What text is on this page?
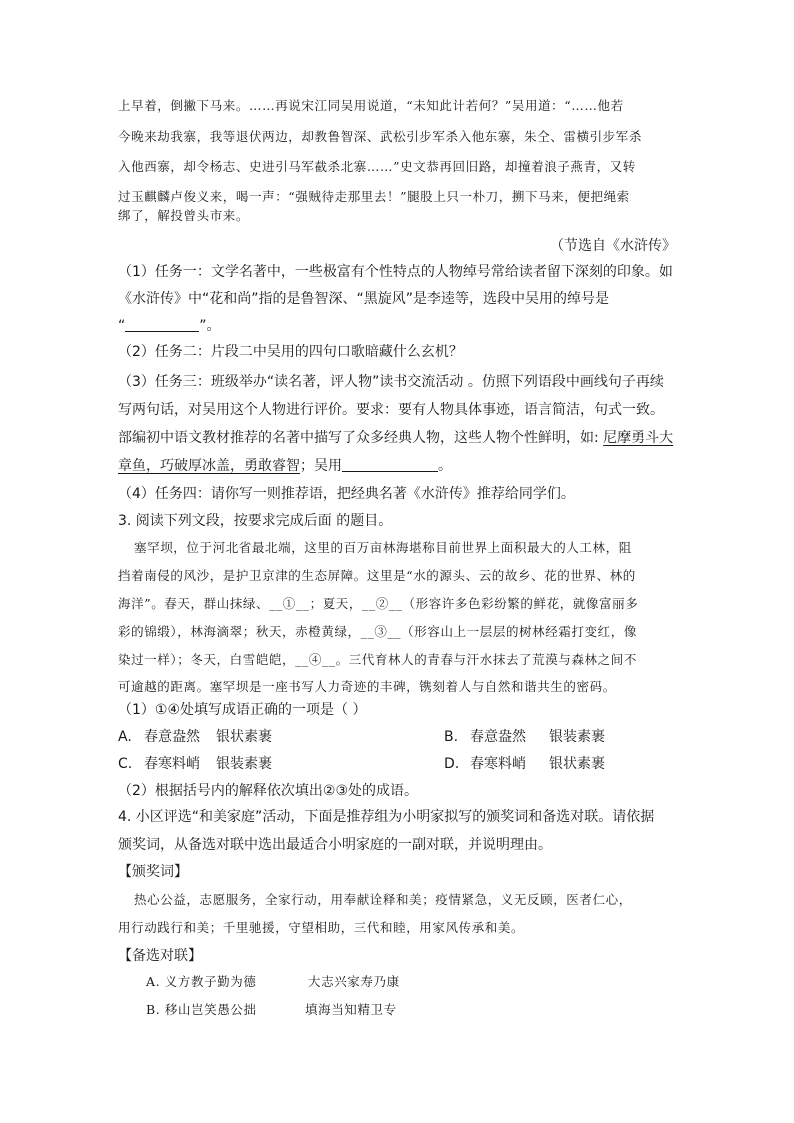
上早着，倒撇下马来。……再说宋江同吴用说道，“未知此计若何？”吴用道：“……他若
今晚来劫我寨，我等退伏两边，却教鲁智深、武松引步军杀入他东寨，朱仝、雷横引步军杀
入他西寨，却令杨志、史进引马军截杀北寨……”史文恭再回旧路，却撞着浪子燕青，又转
过玉麒麟卢俊义来，喝一声：“强贼待走那里去！”腿股上只一朴刀，搠下马来，便把绳索
绑了，解投曾头市来。
（节选自《水浒传》
（1）任务一：文学名著中，一些极富有个性特点的人物绰号常给读者留下深刻的印象。如
《水浒传》中“花和尚”指的是鲁智深、“黑旋风”是李逵等，选段中吴用的绰号是
“	”。
（2）任务二：片段二中吴用的四句口歌暗藏什么玄机？
（3）任务三：班级举办“读名著，评人物”读书交流活动 。仿照下列语段中画线句子再续
写两句话，对吴用这个人物进行评价。要求：要有人物具体事迹，语言简洁，句式一致。
部编初中语文教材推荐的名著中描写了众多经典人物，这些人物个性鲜明，如: 尼摩勇斗大
章鱼，巧破厚冰盖，勇敢睿智；吴用	。
（4）任务四：请你写一则推荐语，把经典名著《水浒传》推荐给同学们。
3. 阅读下列文段，按要求完成后面 的题目。
塞罕坝，位于河北省最北端，这里的百万亩林海堪称目前世界上面积最大的人工林，阻
挡着南侵的风沙，是护卫京津的生态屏障。这里是“水的源头、云的故乡、花的世界、林的
海洋”。春天，群山抹绿、__①__；夏天，__②__（形容许多色彩纷繁的鲜花，就像富丽多
彩的锦缎），林海滴翠；秋天，赤橙黄绿，__③__（形容山上一层层的树林经霜打变红，像
染过一样）；冬天，白雪皑皑，__④__。三代育林人的青春与汗水抹去了荒漠与森林之间不
可逾越的距离。塞罕坝是一座书写人力奇迹的丰碑，镌刻着人与自然和谐共生的密码。
（1）①④处填写成语正确的一项是（ ）
A. 春意盎然 银状素裹	B. 春意盎然 银装素裹
C. 春寒料峭 银装素裹	D. 春寒料峭 银状素裹
（2）根据括号内的解释依次填出②③处的成语。
4. 小区评选“和美家庭”活动，下面是推荐组为小明家拟写的颁奖词和备选对联。请依据
颁奖词，从备选对联中选出最适合小明家庭的一副对联，并说明理由。
【颁奖词】
热心公益，志愿服务，全家行动，用奉献诠释和美；疫情紧急，义无反顾，医者仁心，
用行动践行和美；千里驰援，守望相助，三代和睦，用家风传承和美。
【备选对联】
A. 义方教子勤为德	大志兴家寿乃康
B. 移山岂笑愚公拙	填海当知精卫专
